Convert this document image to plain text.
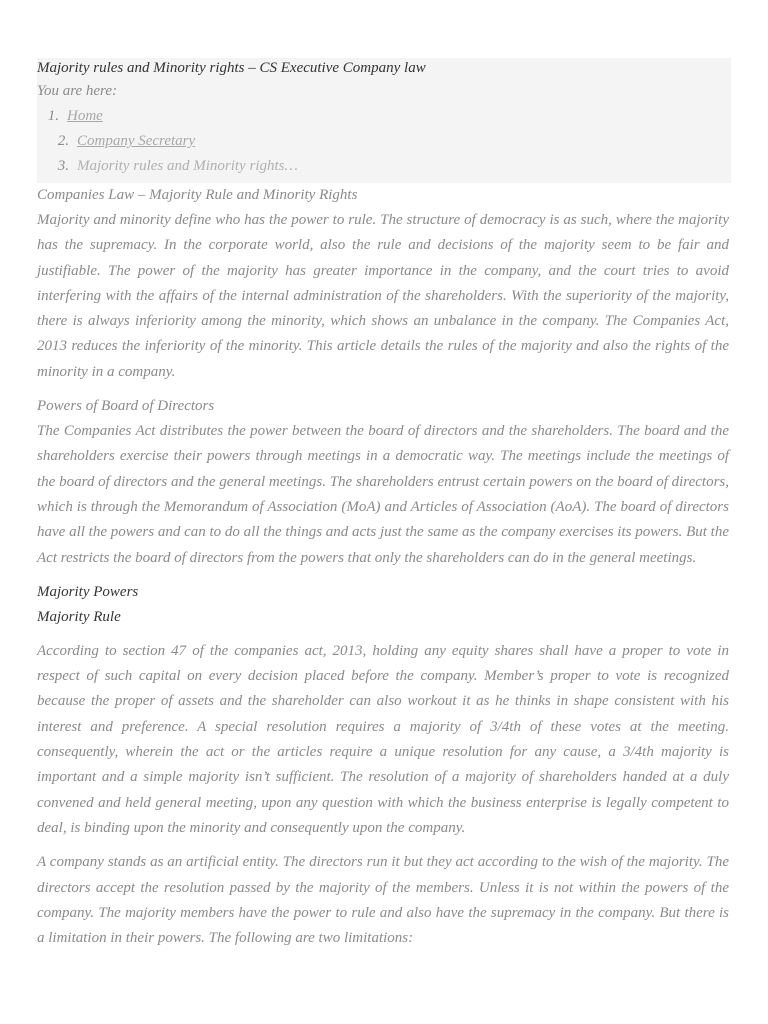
Majority rules and Minority rights – CS Executive Company law
You are here:
1. Home
2. Company Secretary
3. Majority rules and Minority rights…
Companies Law – Majority Rule and Minority Rights

Majority and minority define who has the power to rule. The structure of democracy is as such, where the majority has the supremacy. In the corporate world, also the rule and decisions of the majority seem to be fair and justifiable. The power of the majority has greater importance in the company, and the court tries to avoid interfering with the affairs of the internal administration of the shareholders. With the superiority of the majority, there is always inferiority among the minority, which shows an unbalance in the company. The Companies Act, 2013 reduces the inferiority of the minority. This article details the rules of the majority and also the rights of the minority in a company.

Powers of Board of Directors

The Companies Act distributes the power between the board of directors and the shareholders. The board and the shareholders exercise their powers through meetings in a democratic way. The meetings include the meetings of the board of directors and the general meetings. The shareholders entrust certain powers on the board of directors, which is through the Memorandum of Association (MoA) and Articles of Association (AoA). The board of directors have all the powers and can to do all the things and acts just the same as the company exercises its powers. But the Act restricts the board of directors from the powers that only the shareholders can do in the general meetings.

Majority Powers
Majority Rule

According to section 47 of the companies act, 2013, holding any equity shares shall have a proper to vote in respect of such capital on every decision placed before the company. Member’s proper to vote is recognized because the proper of assets and the shareholder can also workout it as he thinks in shape consistent with his interest and preference. A special resolution requires a majority of 3/4th of these votes at the meeting. consequently, wherein the act or the articles require a unique resolution for any cause, a 3/4th majority is important and a simple majority isn’t sufficient. The resolution of a majority of shareholders handed at a duly convened and held general meeting, upon any question with which the business enterprise is legally competent to deal, is binding upon the minority and consequently upon the company.

A company stands as an artificial entity. The directors run it but they act according to the wish of the majority. The directors accept the resolution passed by the majority of the members. Unless it is not within the powers of the company. The majority members have the power to rule and also have the supremacy in the company. But there is a limitation in their powers. The following are two limitations:
